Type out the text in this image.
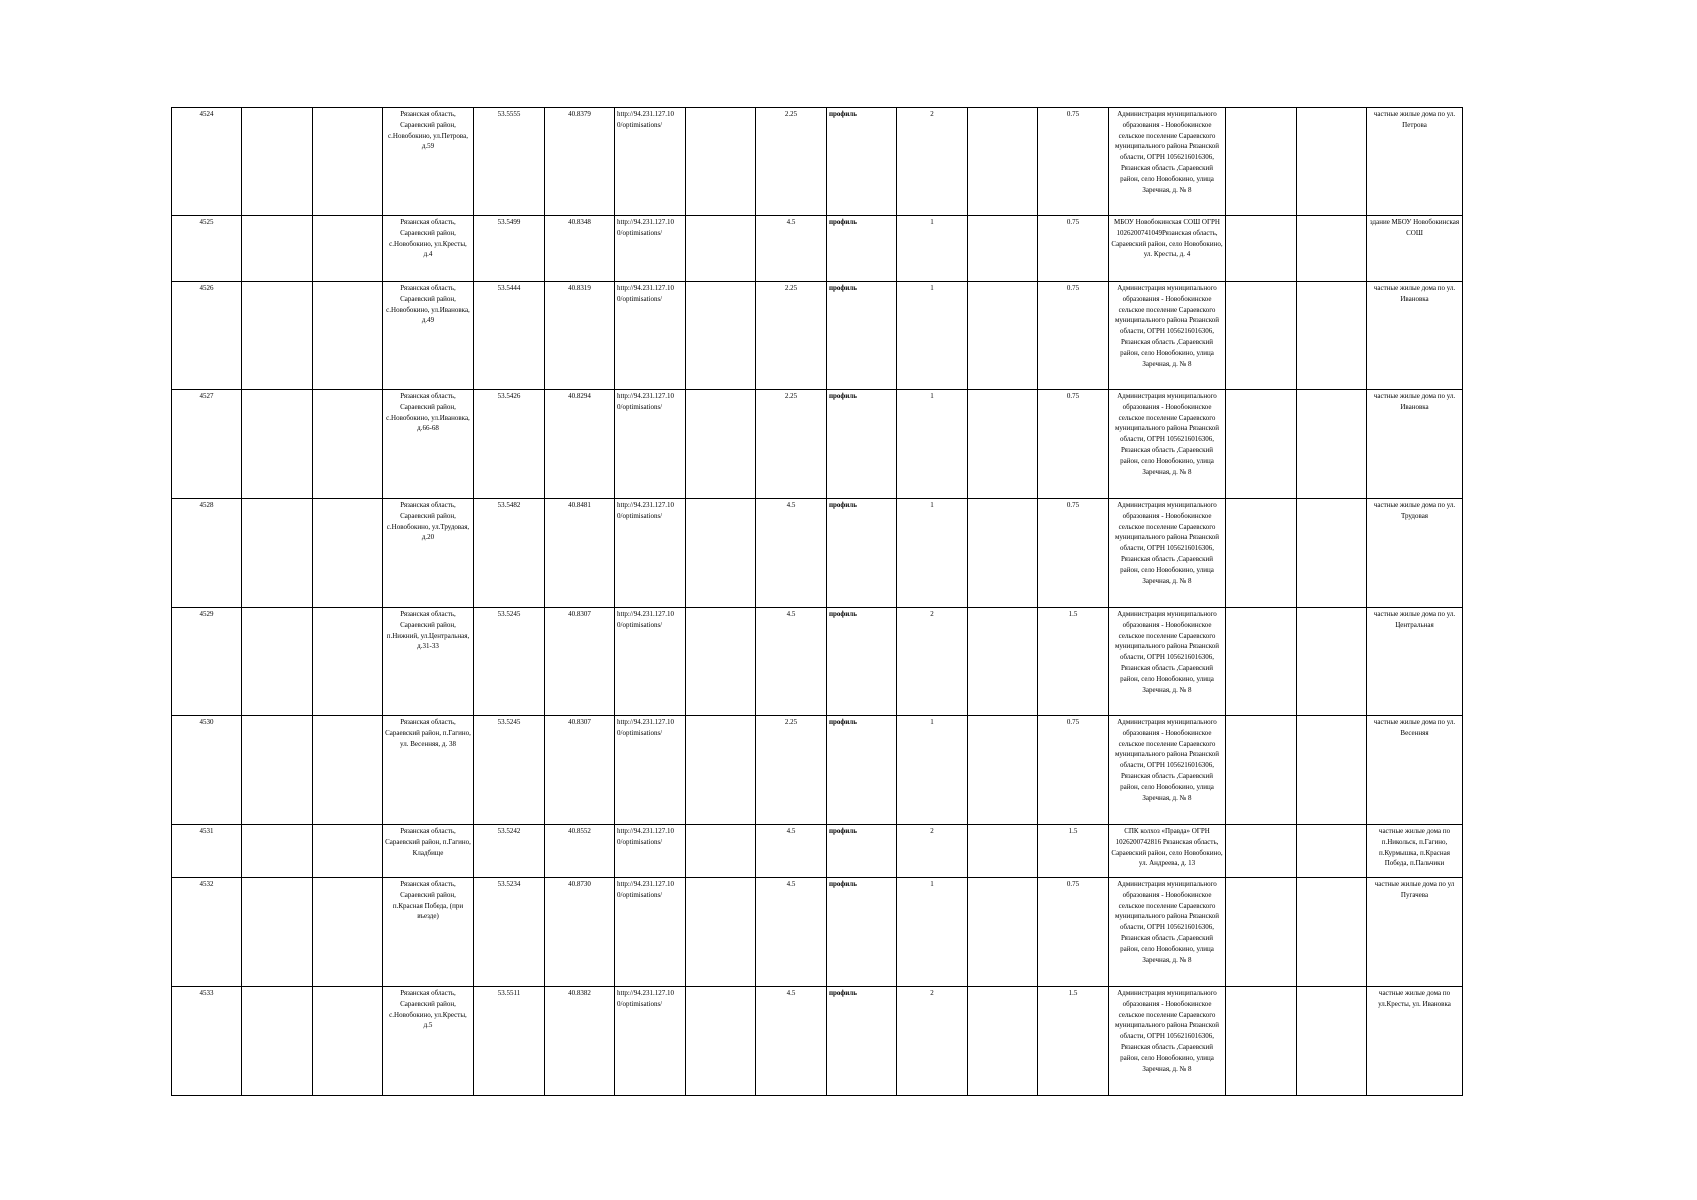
4524			Рязанская область, Сараевский район, с.Новобокино, ул.Петрова, д.59	53.5555	40.8379	http://94.231.127.10 0/optimisations/		2.25	профиль	2		0.75	Администрация муниципального образования - Новобокинское сельское поселение Сараевского муниципального района Рязанской области, ОГРН 1056216016306, Рязанская область ,Сараевский район, село Новобокино, улица Заречная, д. № 8			частные жилые дома по ул. Петрова
4525			Рязанская область, Сараевский район, с.Новобокино, ул.Кресты, д.4	53.5499	40.8348	http://94.231.127.10 0/optimisations/		4.5	профиль	1		0.75	МБОУ Новобокинская СОШ ОГРН 1026200741049Рязанская область, Сараевский район, село Новобокино, ул. Кресты, д. 4			здание МБОУ Новобокинская СОШ
4526			Рязанская область, Сараевский район, с.Новобокино, ул.Ивановка, д.49	53.5444	40.8319	http://94.231.127.10 0/optimisations/		2.25	профиль	1		0.75	Администрация муниципального образования - Новобокинское сельское поселение Сараевского муниципального района Рязанской области, ОГРН 1056216016306, Рязанская область ,Сараевский район, село Новобокино, улица Заречная, д. № 8			частные жилые дома по ул. Ивановка
4527			Рязанская область, Сараевский район, с.Новобокино, ул.Ивановка, д.66-68	53.5426	40.8294	http://94.231.127.10 0/optimisations/		2.25	профиль	1		0.75	Администрация муниципального образования - Новобокинское сельское поселение Сараевского муниципального района Рязанской области, ОГРН 1056216016306, Рязанская область ,Сараевский район, село Новобокино, улица Заречная, д. № 8			частные жилые дома по ул. Ивановка
4528			Рязанская область, Сараевский район, с.Новобокино, ул.Трудовая, д.20	53.5482	40.8481	http://94.231.127.10 0/optimisations/		4.5	профиль	1		0.75	Администрация муниципального образования - Новобокинское сельское поселение Сараевского муниципального района Рязанской области, ОГРН 1056216016306, Рязанская область ,Сараевский район, село Новобокино, улица Заречная, д. № 8			частные жилые дома по ул. Трудовая
4529			Рязанская область, Сараевский район, п.Нижний, ул.Центральная, д.31-33	53.5245	40.8307	http://94.231.127.10 0/optimisations/		4.5	профиль	2		1.5	Администрация муниципального образования - Новобокинское сельское поселение Сараевского муниципального района Рязанской области, ОГРН 1056216016306, Рязанская область ,Сараевский район, село Новобокино, улица Заречная, д. № 8			частные жилые дома по ул. Центральная
4530			Рязанская область, Сараевский район, п.Гагино, ул. Весенняя, д. 38	53.5245	40.8307	http://94.231.127.10 0/optimisations/		2.25	профиль	1		0.75	Администрация муниципального образования - Новобокинское сельское поселение Сараевского муниципального района Рязанской области, ОГРН 1056216016306, Рязанская область ,Сараевский район, село Новобокино, улица Заречная, д. № 8			частные жилые дома по ул. Весенняя
4531			Рязанская область, Сараевский район, п.Гагино, Кладбище	53.5242	40.8552	http://94.231.127.10 0/optimisations/		4.5	профиль	2		1.5	СПК колхоз «Правда» ОГРН 1026200742816 Рязанская область, Сараевский район, село Новобокино, ул. Андреева, д. 13			частные жилые дома по п.Никольск, п.Гагино, п.Курмышка, п.Красная Победа, п.Пальчики
4532			Рязанская область, Сараевский район, п.Красная Победа, (при въезде)	53.5234	40.8730	http://94.231.127.10 0/optimisations/		4.5	профиль	1		0.75	Администрация муниципального образования - Новобокинское сельское поселение Сараевского муниципального района Рязанской области, ОГРН 1056216016306, Рязанская область ,Сараевский район, село Новобокино, улица Заречная, д. № 8			частные жилые дома по ул Пугачева
4533			Рязанская область, Сараевский район, с.Новобокино, ул.Кресты, д.5	53.5511	40.8382	http://94.231.127.10 0/optimisations/		4.5	профиль	2		1.5	Администрация муниципального образования - Новобокинское сельское поселение Сараевского муниципального района Рязанской области, ОГРН 1056216016306, Рязанская область ,Сараевский район, село Новобокино, улица Заречная, д. № 8			частные жилые дома по ул.Кресты, ул. Ивановка
